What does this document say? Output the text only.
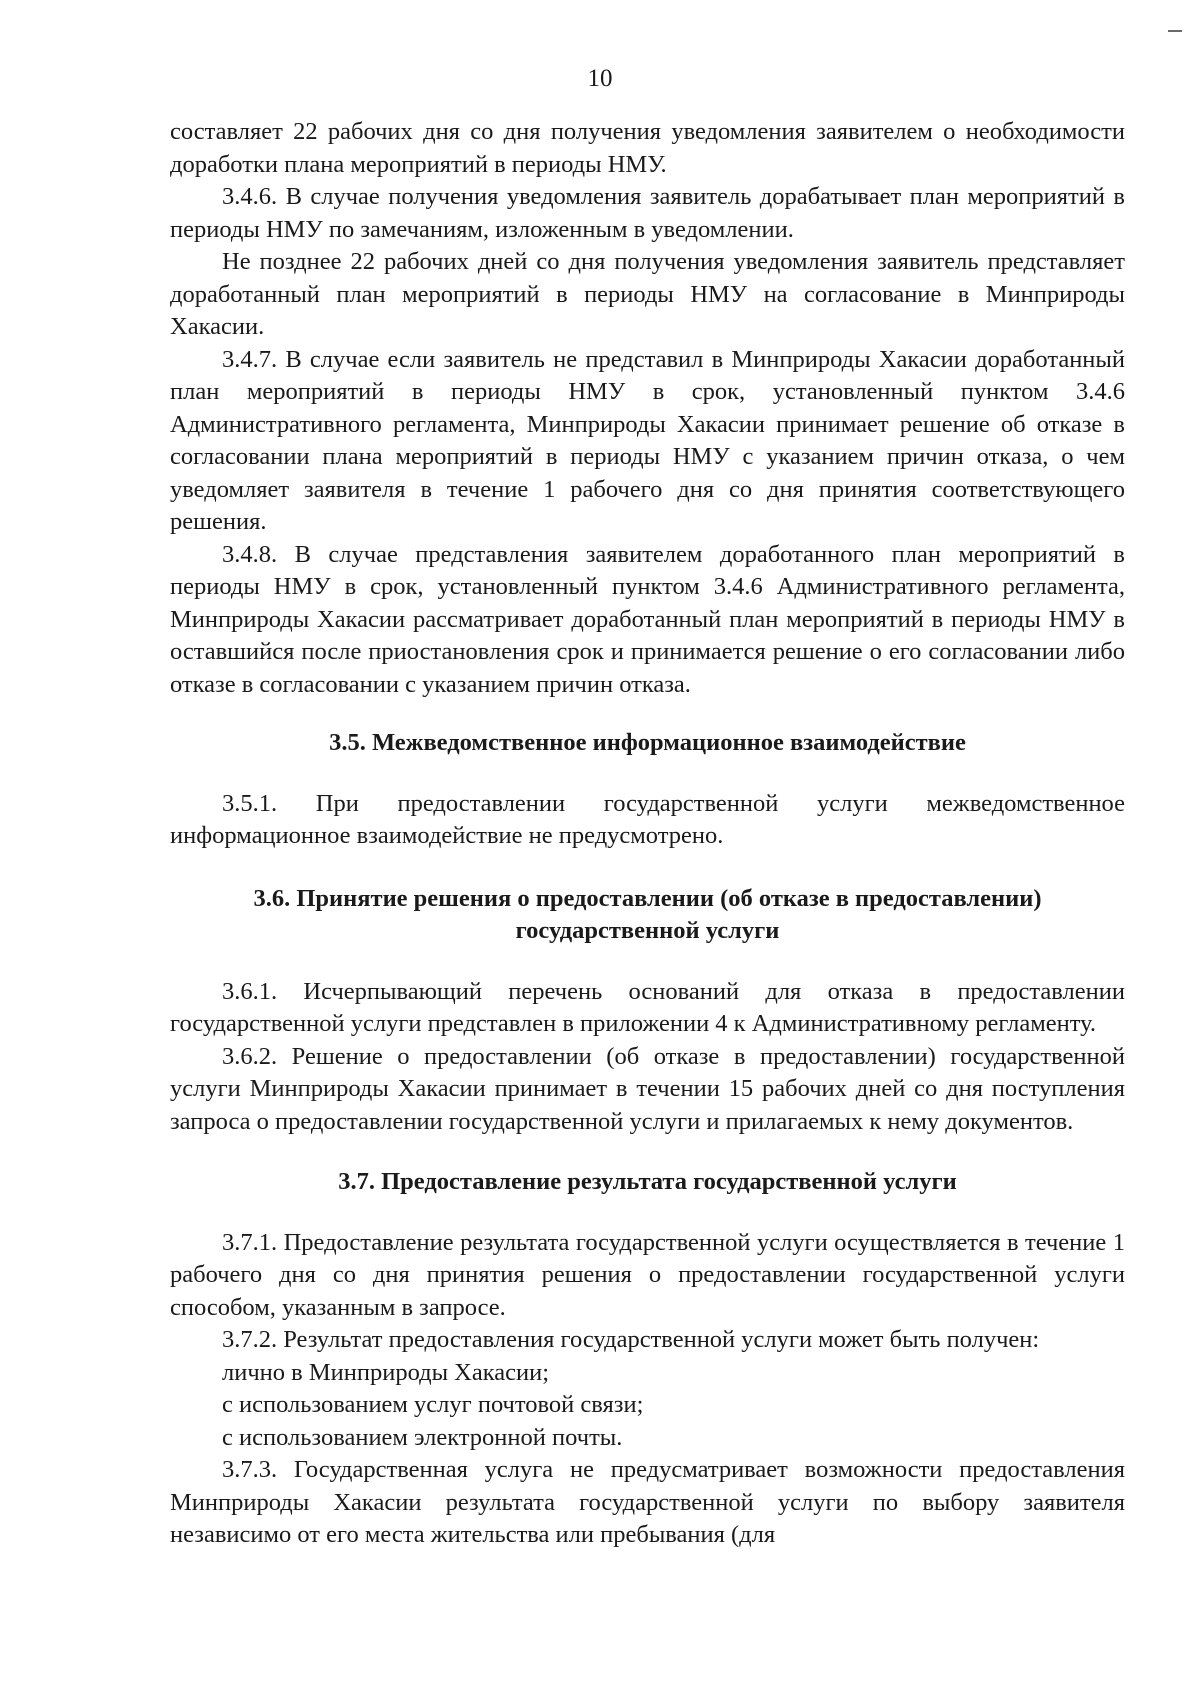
10

составляет 22 рабочих дня со дня получения уведомления заявителем о необходимости доработки плана мероприятий в периоды НМУ.

3.4.6. В случае получения уведомления заявитель дорабатывает план мероприятий в периоды НМУ по замечаниям, изложенным в уведомлении.

Не позднее 22 рабочих дней со дня получения уведомления заявитель представляет доработанный план мероприятий в периоды НМУ на согласование в Минприроды Хакасии.

3.4.7. В случае если заявитель не представил в Минприроды Хакасии доработанный план мероприятий в периоды НМУ в срок, установленный пунктом 3.4.6 Административного регламента, Минприроды Хакасии принимает решение об отказе в согласовании плана мероприятий в периоды НМУ с указанием причин отказа, о чем уведомляет заявителя в течение 1 рабочего дня со дня принятия соответствующего решения.

3.4.8. В случае представления заявителем доработанного план мероприятий в периоды НМУ в срок, установленный пунктом 3.4.6 Административного регламента, Минприроды Хакасии рассматривает доработанный план мероприятий в периоды НМУ в оставшийся после приостановления срок и принимается решение о его согласовании либо отказе в согласовании с указанием причин отказа.

3.5. Межведомственное информационное взаимодействие

3.5.1. При предоставлении государственной услуги межведомственное информационное взаимодействие не предусмотрено.

3.6. Принятие решения о предоставлении (об отказе в предоставлении)
государственной услуги

3.6.1. Исчерпывающий перечень оснований для отказа в предоставлении государственной услуги представлен в приложении 4 к Административному регламенту.

3.6.2. Решение о предоставлении (об отказе в предоставлении) государственной услуги Минприроды Хакасии принимает в течении 15 рабочих дней со дня поступления запроса о предоставлении государственной услуги и прилагаемых к нему документов.

3.7. Предоставление результата государственной услуги

3.7.1. Предоставление результата государственной услуги осуществляется в течение 1 рабочего дня со дня принятия решения о предоставлении государственной услуги способом, указанным в запросе.

3.7.2. Результат предоставления государственной услуги может быть получен:

лично в Минприроды Хакасии;

с использованием услуг почтовой связи;

с использованием электронной почты.

3.7.3. Государственная услуга не предусматривает возможности предоставления Минприроды Хакасии результата государственной услуги по выбору заявителя независимо от его места жительства или пребывания (для
